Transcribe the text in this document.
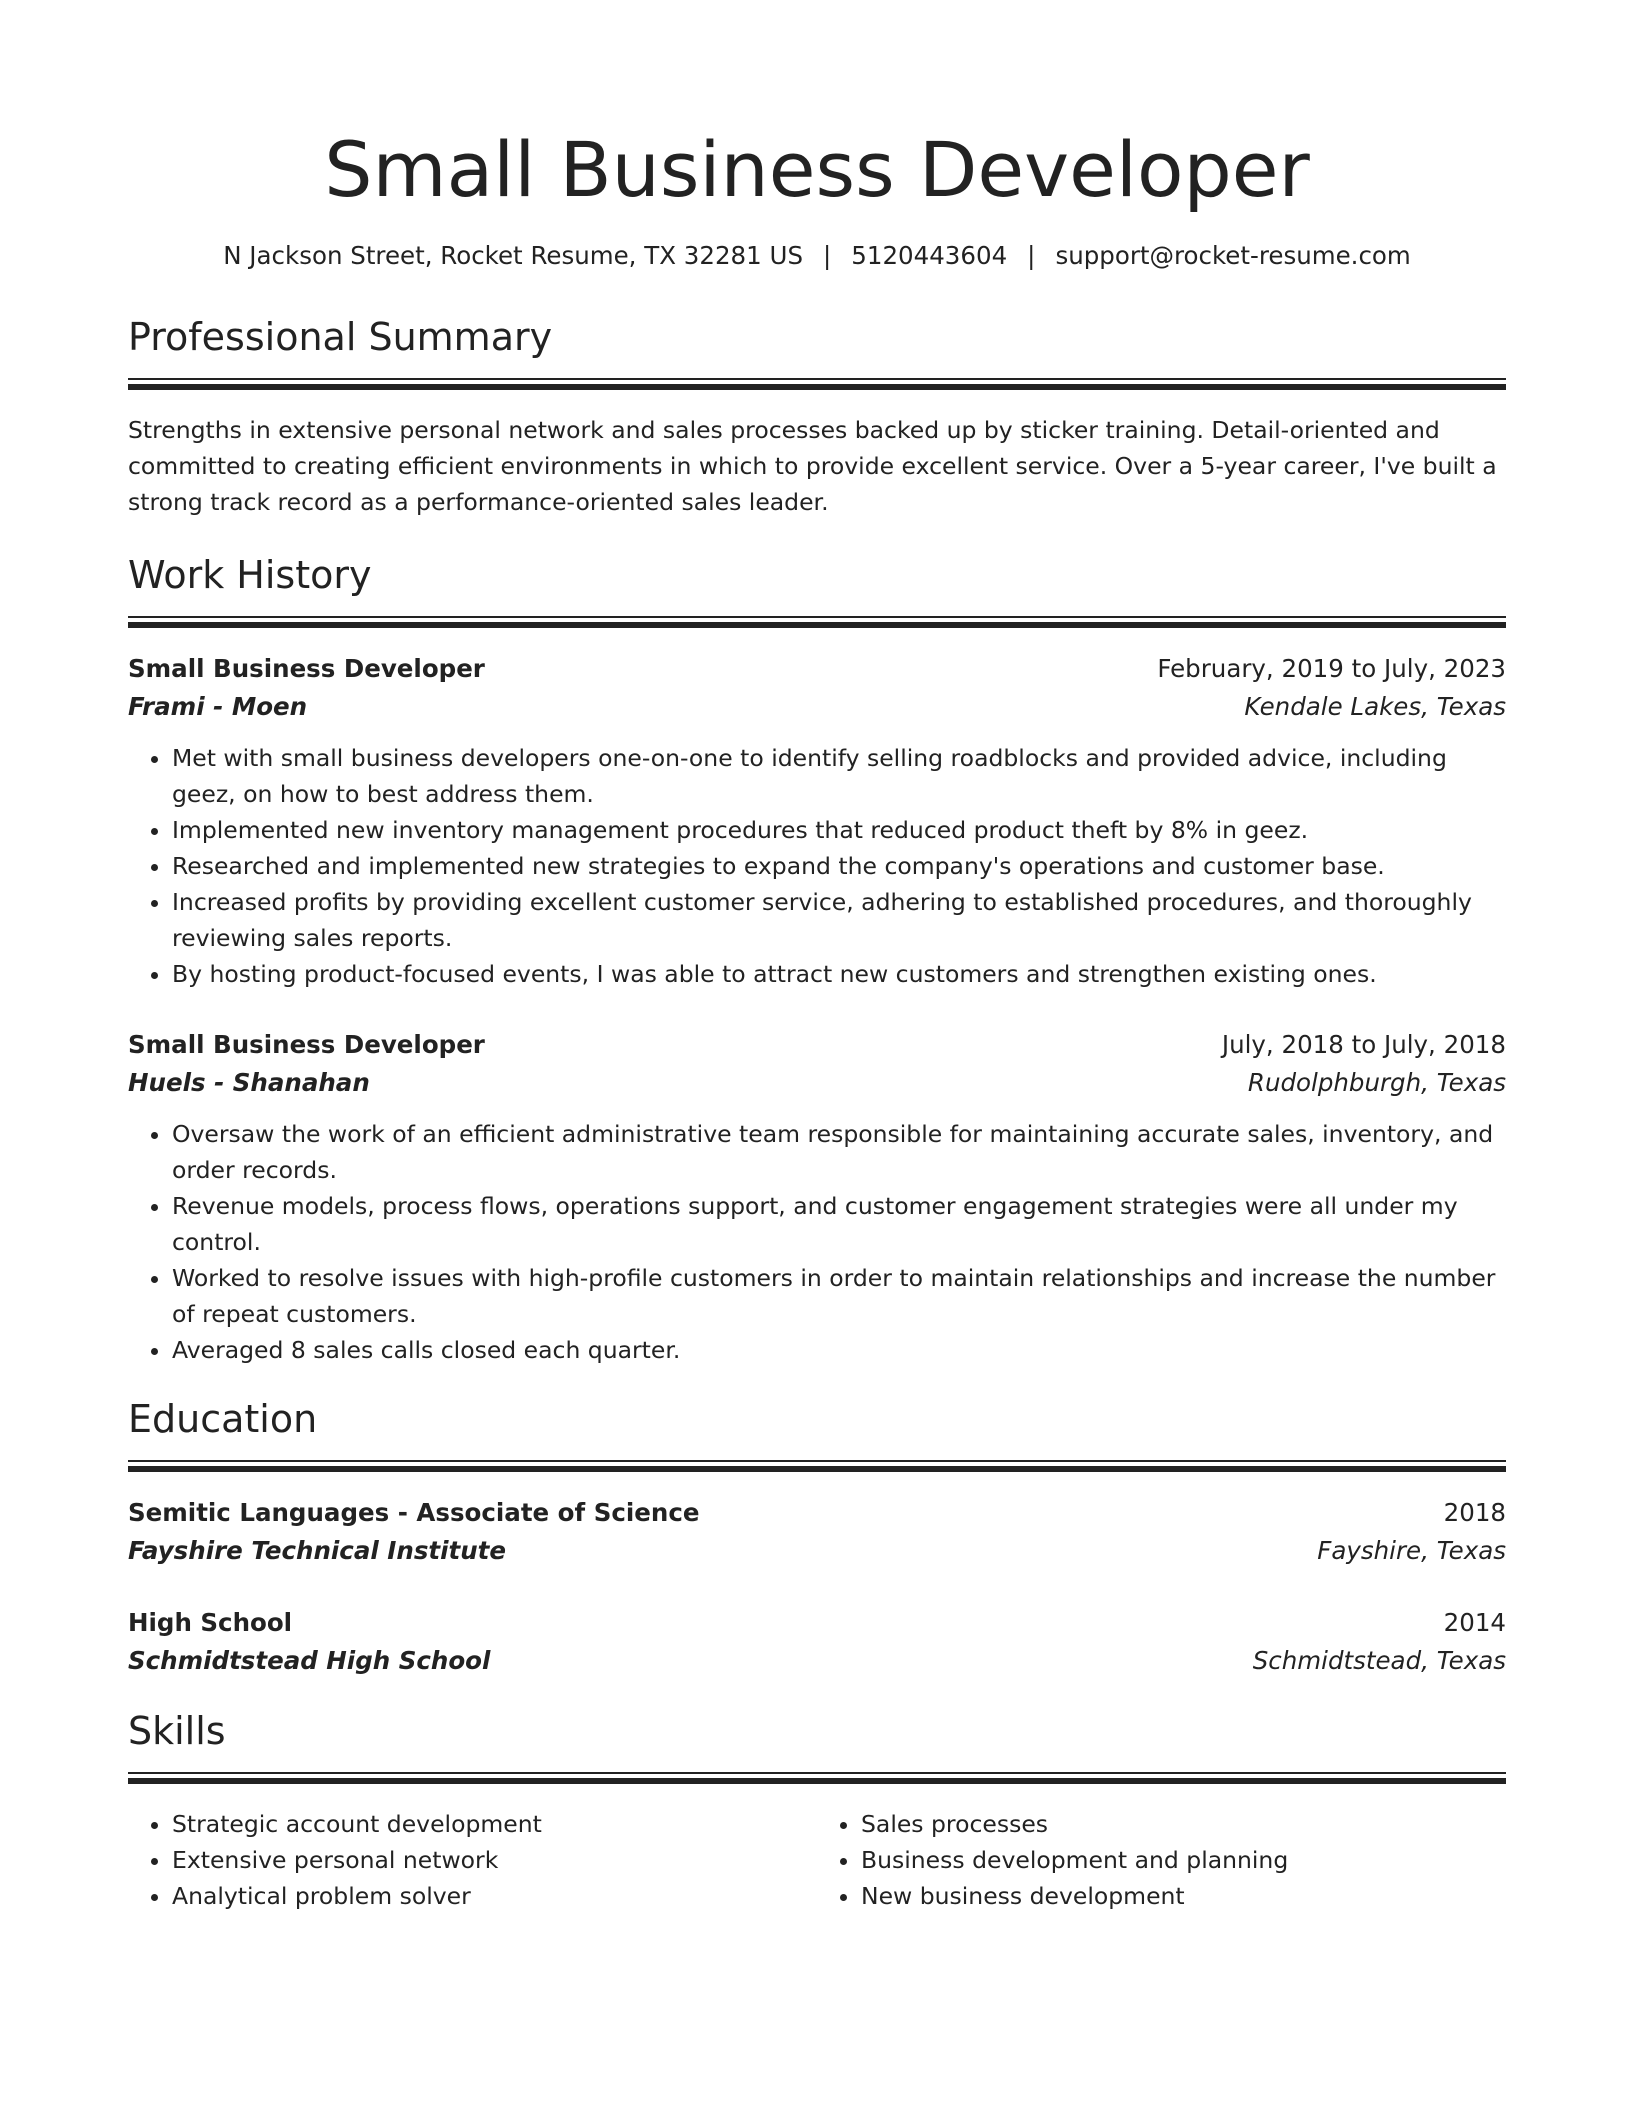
Small Business Developer
N Jackson Street, Rocket Resume, TX 32281 US | 5120443604 | support@rocket-resume.com
Professional Summary

Strengths in extensive personal network and sales processes backed up by sticker training. Detail-oriented and committed to creating efficient environments in which to provide excellent service. Over a 5-year career, I've built a strong track record as a performance-oriented sales leader.

Work History
Small Business Developer	February, 2019 to July, 2023
Frami - Moen	Kendale Lakes, Texas
• Met with small business developers one-on-one to identify selling roadblocks and provided advice, including geez, on how to best address them.
• Implemented new inventory management procedures that reduced product theft by 8% in geez.
• Researched and implemented new strategies to expand the company's operations and customer base.
• Increased profits by providing excellent customer service, adhering to established procedures, and thoroughly reviewing sales reports.
• By hosting product-focused events, I was able to attract new customers and strengthen existing ones.
Small Business Developer	July, 2018 to July, 2018
Huels - Shanahan	Rudolphburgh, Texas
• Oversaw the work of an efficient administrative team responsible for maintaining accurate sales, inventory, and order records.
• Revenue models, process flows, operations support, and customer engagement strategies were all under my control.
• Worked to resolve issues with high-profile customers in order to maintain relationships and increase the number of repeat customers.
• Averaged 8 sales calls closed each quarter.
Education
Semitic Languages - Associate of Science	2018
Fayshire Technical Institute	Fayshire, Texas
High School	2014
Schmidtstead High School	Schmidtstead, Texas
Skills
• Strategic account development
• Extensive personal network
• Analytical problem solver
• Sales processes
• Business development and planning
• New business development
